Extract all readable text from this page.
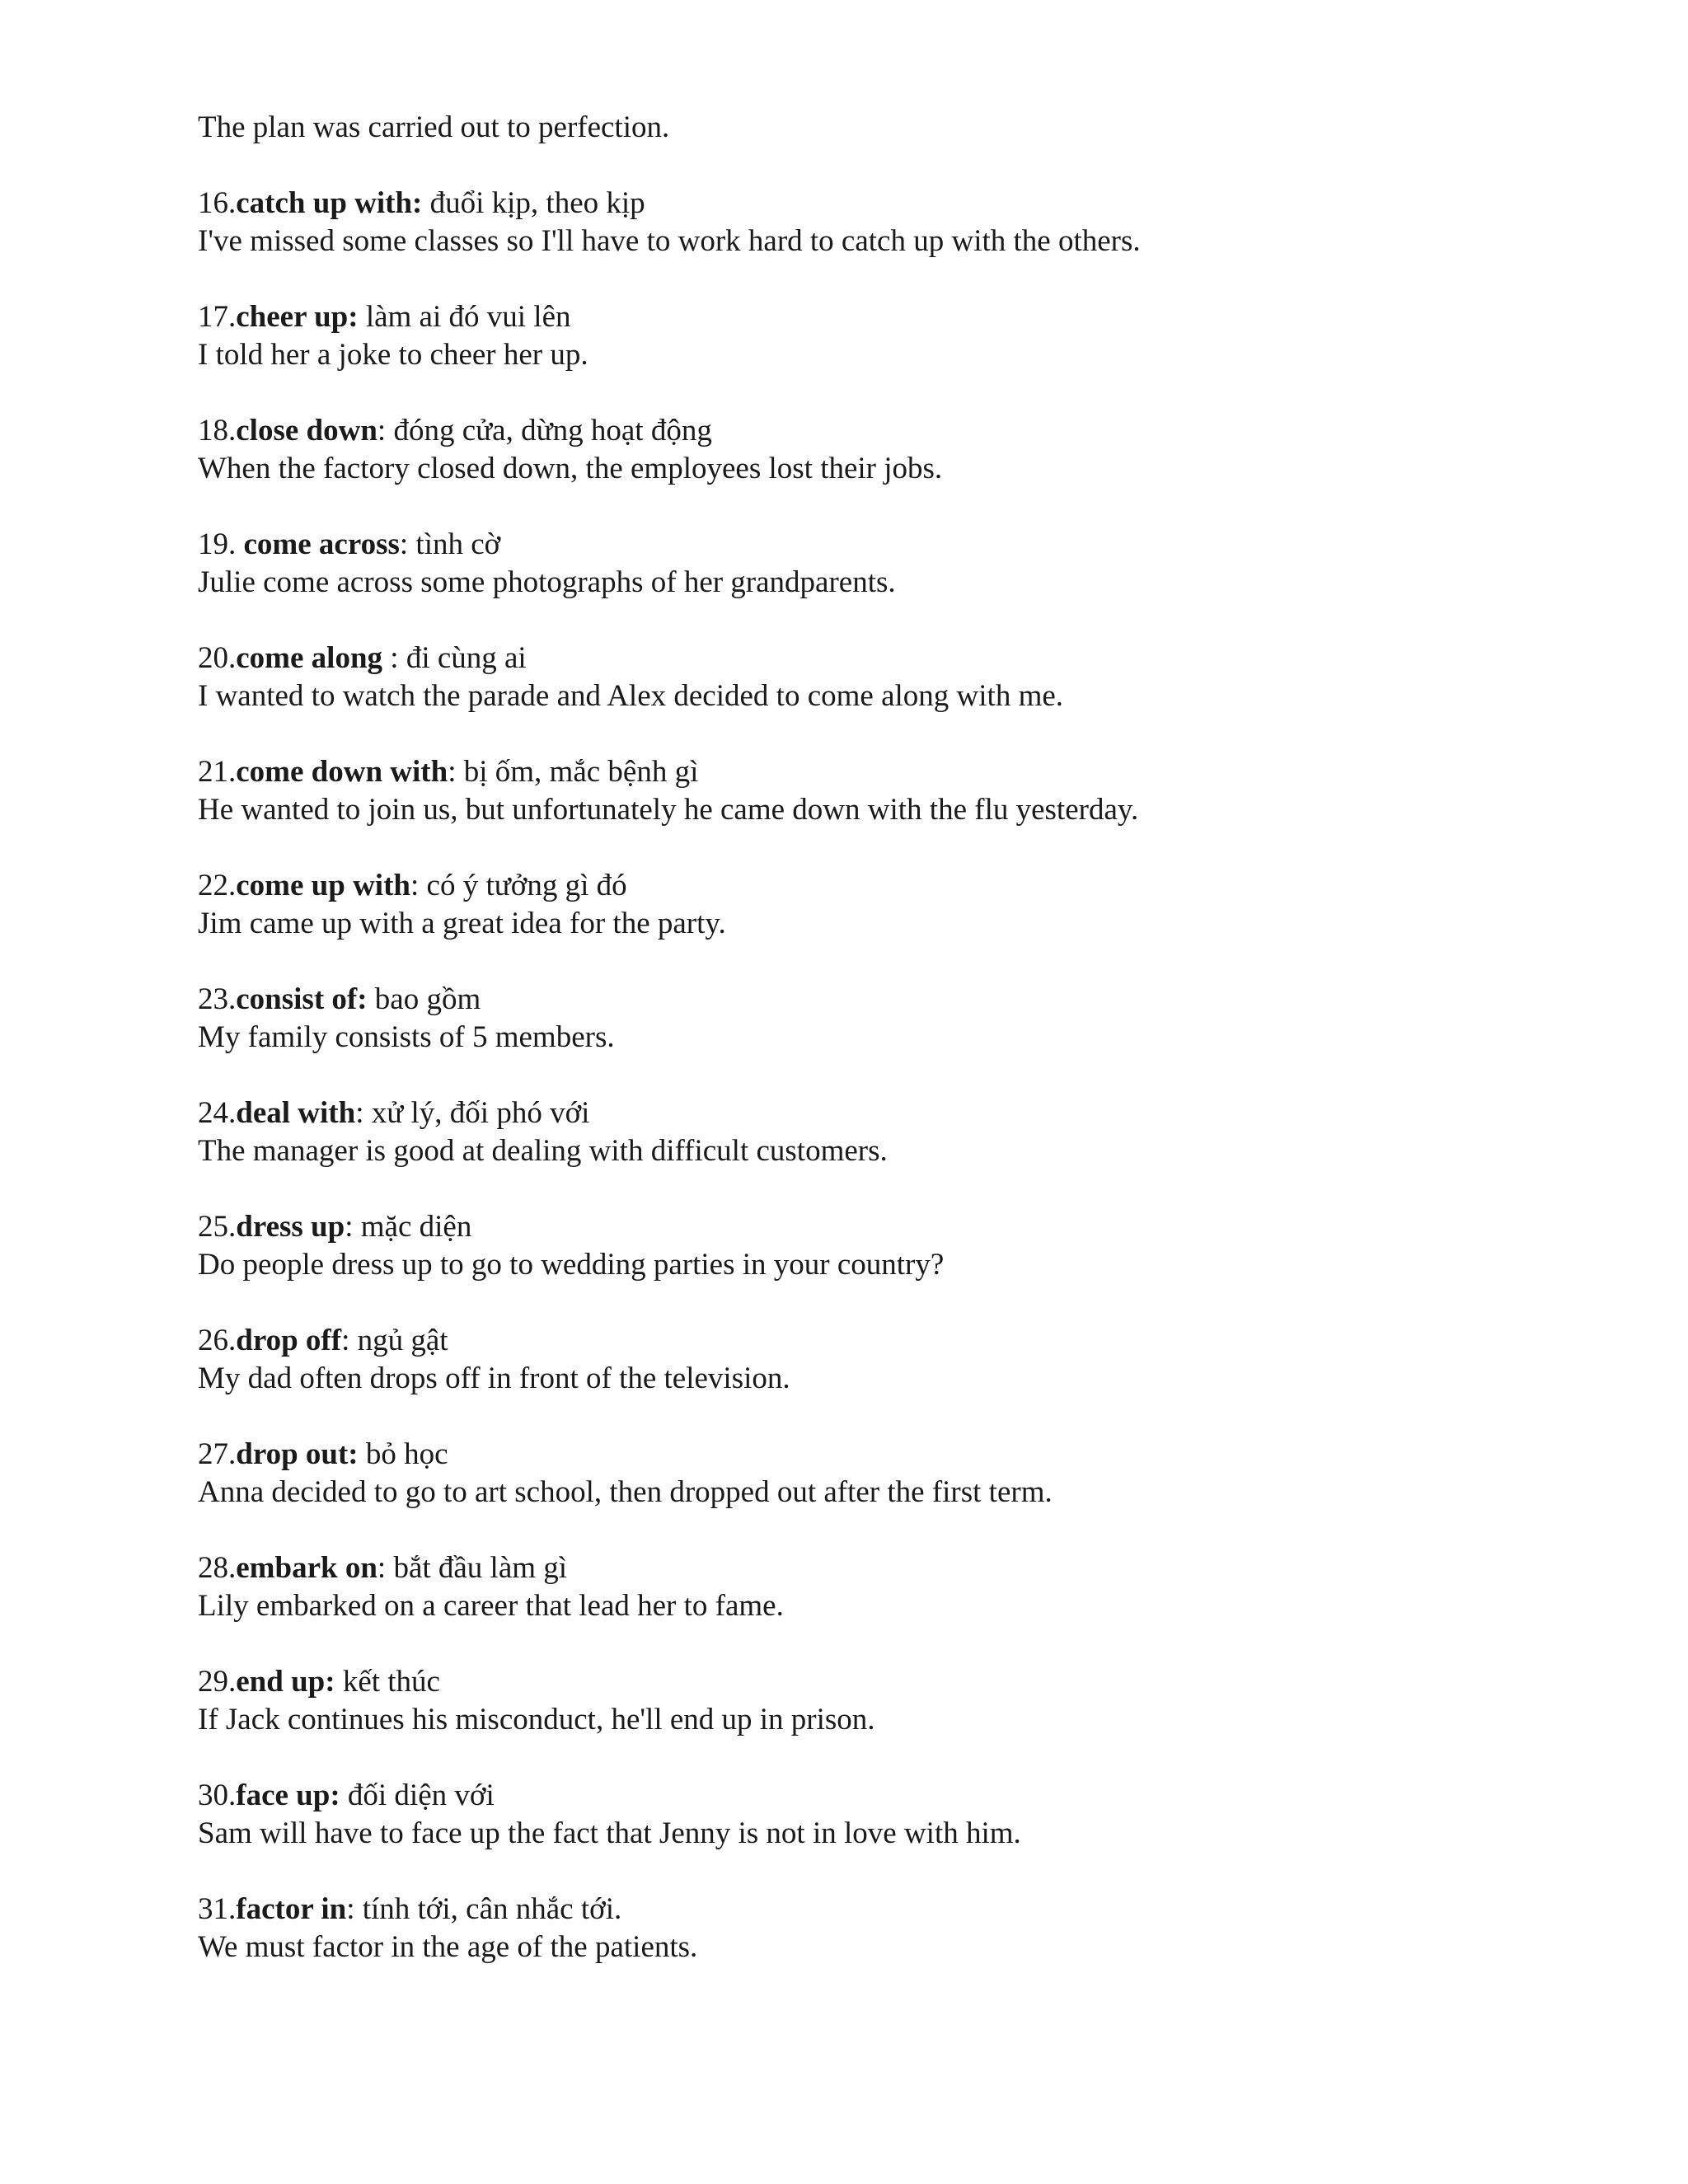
The plan was carried out to perfection.

16.catch up with: đuổi kịp, theo kịp

I've missed some classes so I'll have to work hard to catch up with the others.

17.cheer up: làm ai đó vui lên

I told her a joke to cheer her up.

18.close down: đóng cửa, dừng hoạt động

When the factory closed down, the employees lost their jobs.

19. come across: tình cờ

Julie come across some photographs of her grandparents.

20.come along : đi cùng ai

I wanted to watch the parade and Alex decided to come along with me.

21.come down with: bị ốm, mắc bệnh gì

He wanted to join us, but unfortunately he came down with the flu yesterday.

22.come up with: có ý tưởng gì đó

Jim came up with a great idea for the party.

23.consist of: bao gồm

My family consists of 5 members.

24.deal with: xử lý, đối phó với

The manager is good at dealing with difficult customers.

25.dress up: mặc diện

Do people dress up to go to wedding parties in your country?

26.drop off: ngủ gật

My dad often drops off in front of the television.

27.drop out: bỏ học

Anna decided to go to art school, then dropped out after the first term.

28.embark on: bắt đầu làm gì

Lily embarked on a career that lead her to fame.

29.end up: kết thúc

If Jack continues his misconduct, he'll end up in prison.

30.face up: đối diện với

Sam will have to face up the fact that Jenny is not in love with him.

31.factor in: tính tới, cân nhắc tới.

We must factor in the age of the patients.
